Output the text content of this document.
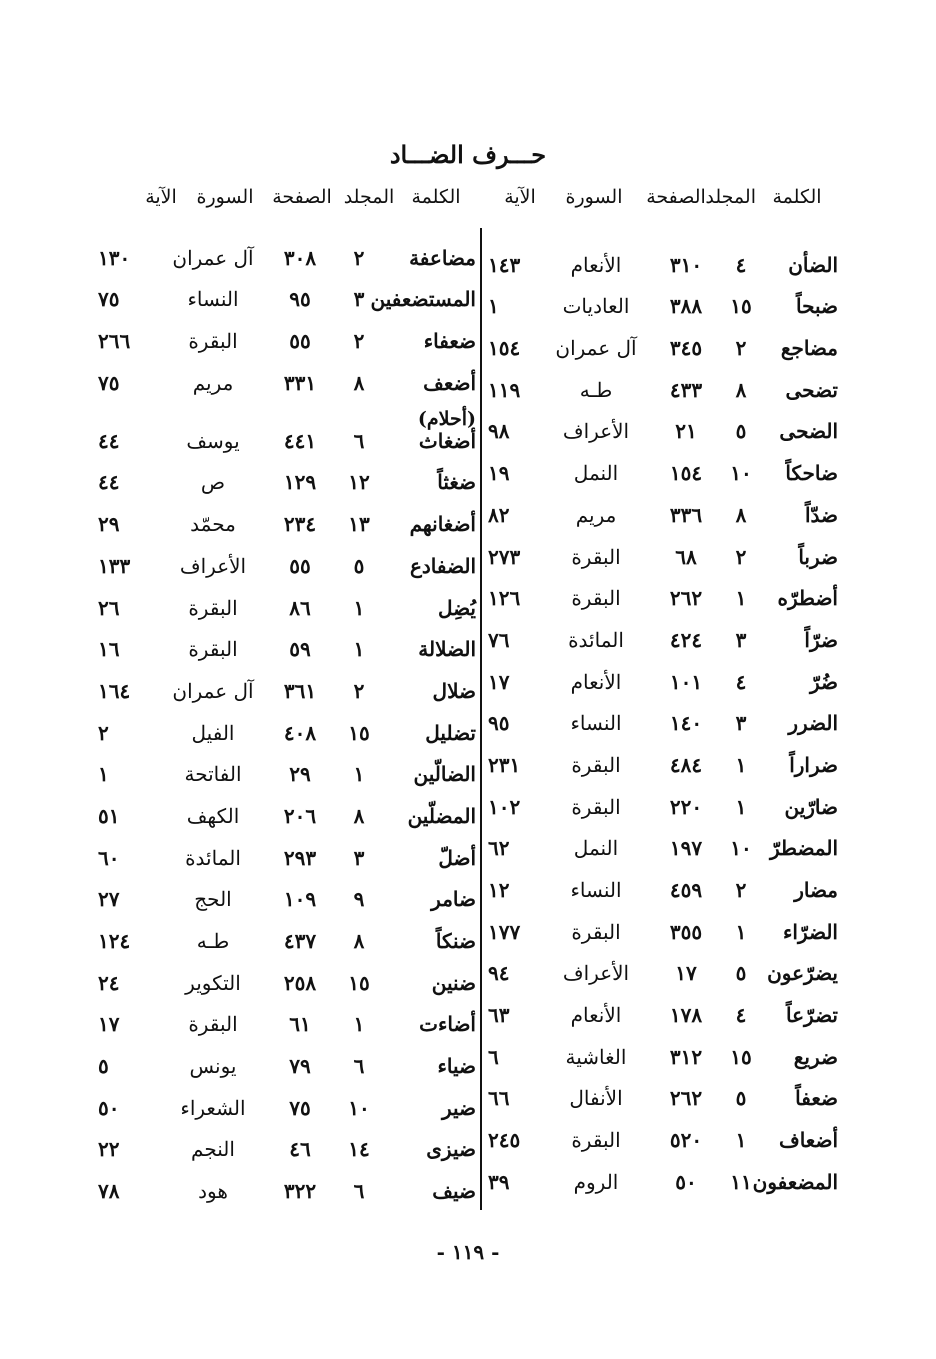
حـــرف الضـــاد
الكلمة
المجلد
الصفحة
السورة
الآية
الكلمة
المجلد
الصفحة
السورة
الآية
الضأن
٤
٣١٠
الأنعام
١٤٣
ضبحاً
١٥
٣٨٨
العاديات
١
مضاجع
٢
٣٤٥
آل عمران
١٥٤
تضحى
٨
٤٣٣
طـه
١١٩
الضحى
٥
٢١
الأعراف
٩٨
ضاحكاً
١٠
١٥٤
النمل
١٩
ضدّاً
٨
٣٣٦
مريم
٨٢
ضرباً
٢
٦٨
البقرة
٢٧٣
أضطرّه
١
٢٦٢
البقرة
١٢٦
ضرّاً
٣
٤٢٤
المائدة
٧٦
ضُرّ
٤
١٠١
الأنعام
١٧
الضرر
٣
١٤٠
النساء
٩٥
ضراراً
١
٤٨٤
البقرة
٢٣١
ضارّين
١
٢٢٠
البقرة
١٠٢
المضطرّ
١٠
١٩٧
النمل
٦٢
مضار
٢
٤٥٩
النساء
١٢
الضرّاء
١
٣٥٥
البقرة
١٧٧
يضرّعون
٥
١٧
الأعراف
٩٤
تضرّعاً
٤
١٧٨
الأنعام
٦٣
ضريع
١٥
٣١٢
الغاشية
٦
ضعفاً
٥
٢٦٢
الأنفال
٦٦
أضعاف
١
٥٢٠
البقرة
٢٤٥
المضعفون
١١
٥٠
الروم
٣٩
مضاعفة
٢
٣٠٨
آل عمران
١٣٠
المستضعفين
٣
٩٥
النساء
٧٥
ضعفاء
٢
٥٥
البقرة
٢٦٦
أضعف
٨
٣٣١
مريم
٧٥
(أحلام)
أضغاث
٦
٤٤١
يوسف
٤٤
ضغثاً
١٢
١٢٩
ص
٤٤
أضغانهم
١٣
٢٣٤
محمّد
٢٩
الضفادع
٥
٥٥
الأعراف
١٣٣
يُضِل
١
٨٦
البقرة
٢٦
الضلالة
١
٥٩
البقرة
١٦
ضلال
٢
٣٦١
آل عمران
١٦٤
تضليل
١٥
٤٠٨
الفيل
٢
الضالّين
١
٢٩
الفاتحة
١
المضلّين
٨
٢٠٦
الكهف
٥١
أضلّ
٣
٢٩٣
المائدة
٦٠
ضامر
٩
١٠٩
الحج
٢٧
ضنكاً
٨
٤٣٧
طـه
١٢٤
ضنين
١٥
٢٥٨
التكوير
٢٤
أضاءت
١
٦١
البقرة
١٧
ضياء
٦
٧٩
يونس
٥
ضير
١٠
٧٥
الشعراء
٥٠
ضيزى
١٤
٤٦
النجم
٢٢
ضيف
٦
٣٢٢
هود
٧٨
- ١١٩ -
